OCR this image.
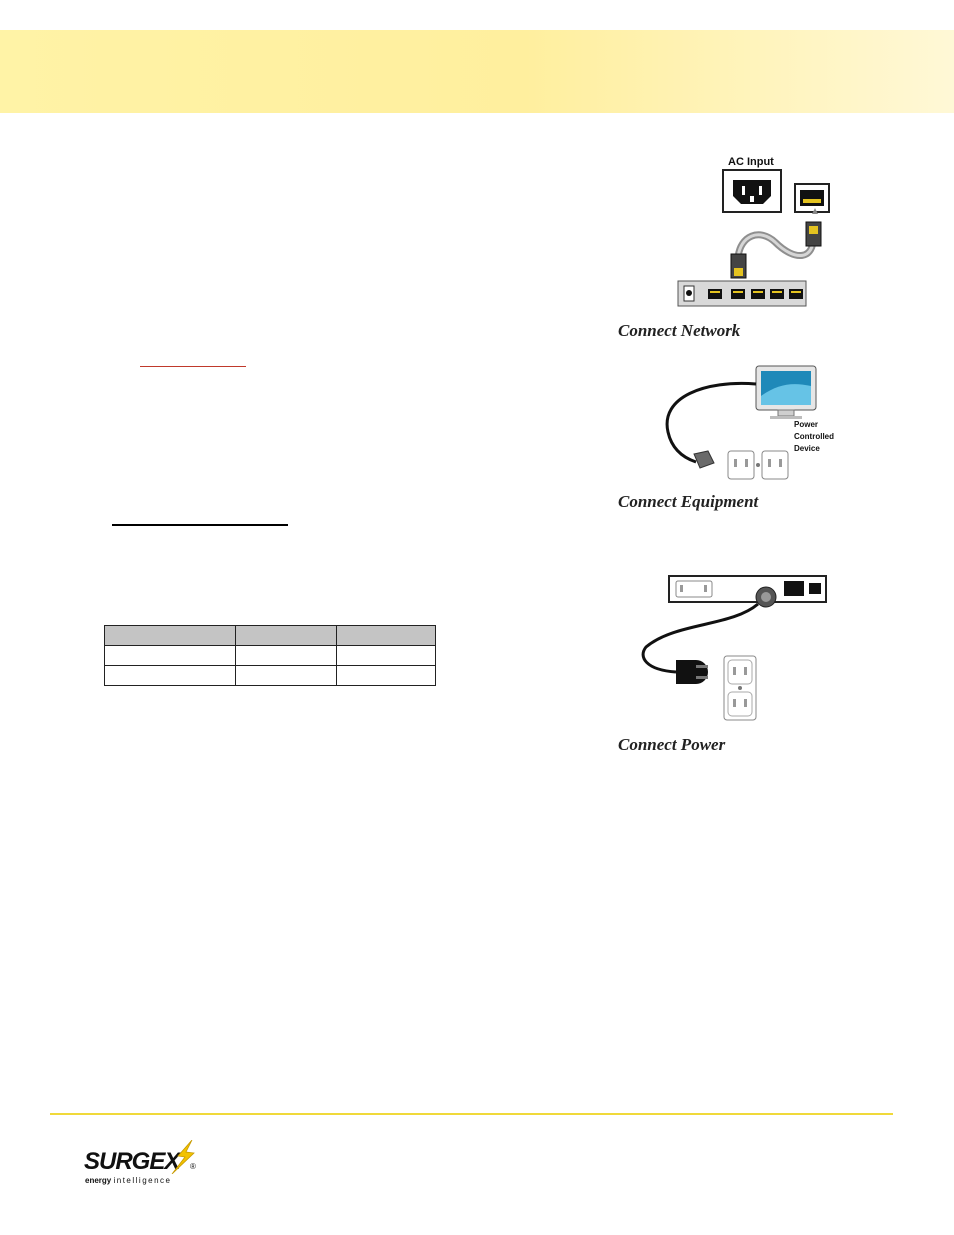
AC Input
Connect Network
Power
Controlled
Device
Connect Equipment
Connect Power
SURGEX ®
energy intelligence
